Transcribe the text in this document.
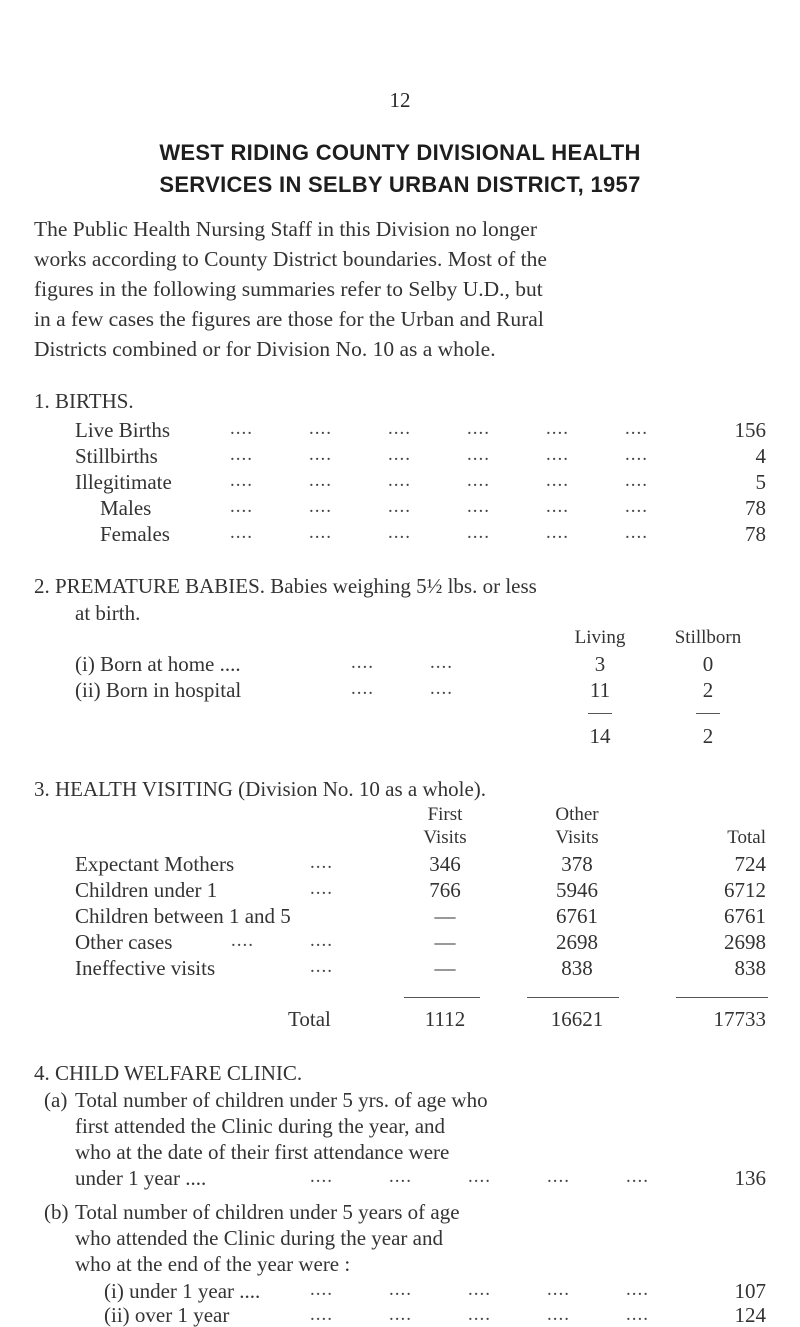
12
WEST RIDING COUNTY DIVISIONAL HEALTH
SERVICES IN SELBY URBAN DISTRICT, 1957
The Public Health Nursing Staff in this Division no longer
works according to County District boundaries. Most of the
figures in the following summaries refer to Selby U.D., but
in a few cases the figures are those for the Urban and Rural
Districts combined or for Division No. 10 as a whole.
1. BIRTHS.
Live Births	156
Stillbirths	4
Illegitimate	5
Males	78
Females	78
....	....	....	....	....	....
....	....	....	....	....	....
....	....	....	....	....	....
....	....	....	....	....	....
....	....	....	....	....	....
2. PREMATURE BABIES. Babies weighing 5½ lbs. or less
at birth.
Living	Stillborn
(i) Born at home ....	....	....	3	0
(ii) Born in hospital	....	....	11	2
14	2
3. HEALTH VISITING (Division No. 10 as a whole).
First
Visits
Other
Visits	Total
Expectant Mothers	....	346	378	724
Children under 1	....	766	5946	6712
Children between 1 and 5	—	6761	6761
Other cases	....	....	—	2698	2698
Ineffective visits	....	—	838	838
Total	1112	16621	17733
4. CHILD WELFARE CLINIC.
(a) Total number of children under 5 yrs. of age who
first attended the Clinic during the year, and
who at the date of their first attendance were
under 1 year ....	....	....	....	....	....	136
(b) Total number of children under 5 years of age
who attended the Clinic during the year and
who at the end of the year were :
(i) under 1 year ....	....	....	....	....	....	107
(ii) over 1 year	....	....	....	....	....	124
